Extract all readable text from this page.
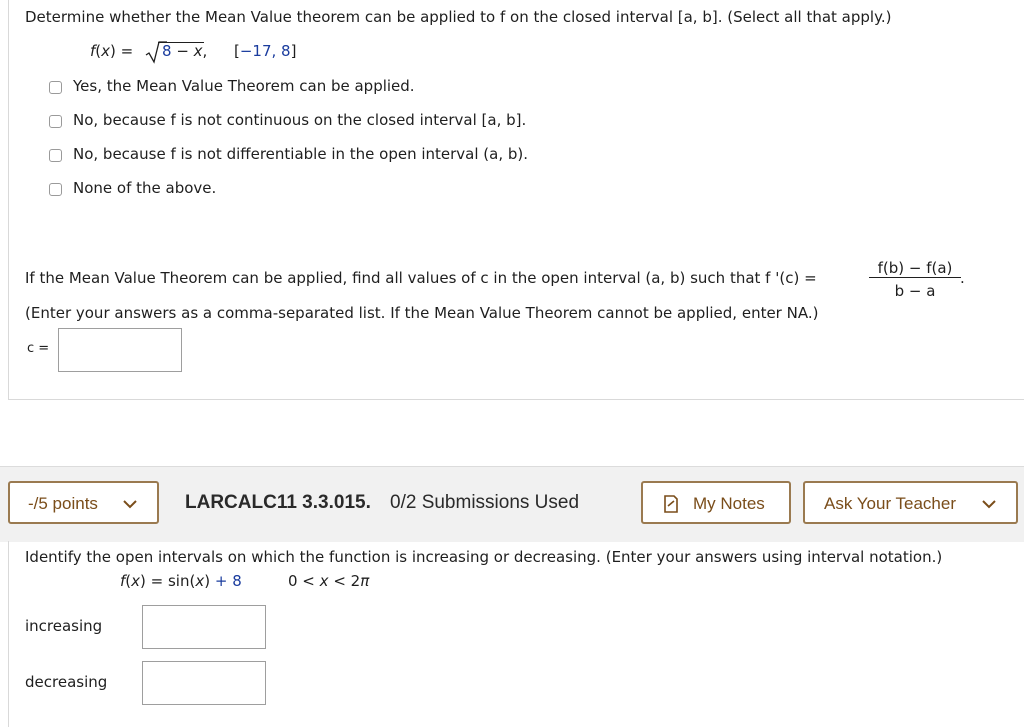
Determine whether the Mean Value theorem can be applied to f on the closed interval [a, b]. (Select all that apply.)
f(x) = 8 − x, [−17, 8]
Yes, the Mean Value Theorem can be applied.
No, because f is not continuous on the closed interval [a, b].
No, because f is not differentiable in the open interval (a, b).
None of the above.
If the Mean Value Theorem can be applied, find all values of c in the open interval (a, b) such that f '(c) =
f(b) − f(a)
b − a
.
(Enter your answers as a comma-separated list. If the Mean Value Theorem cannot be applied, enter NA.)
c =
-/5 points	LARCALC11 3.3.015. 0/2 Submissions Used	My Notes	Ask Your Teacher
Identify the open intervals on which the function is increasing or decreasing. (Enter your answers using interval notation.)
f(x) = sin(x) + 8	0 < x < 2π
increasing
decreasing
